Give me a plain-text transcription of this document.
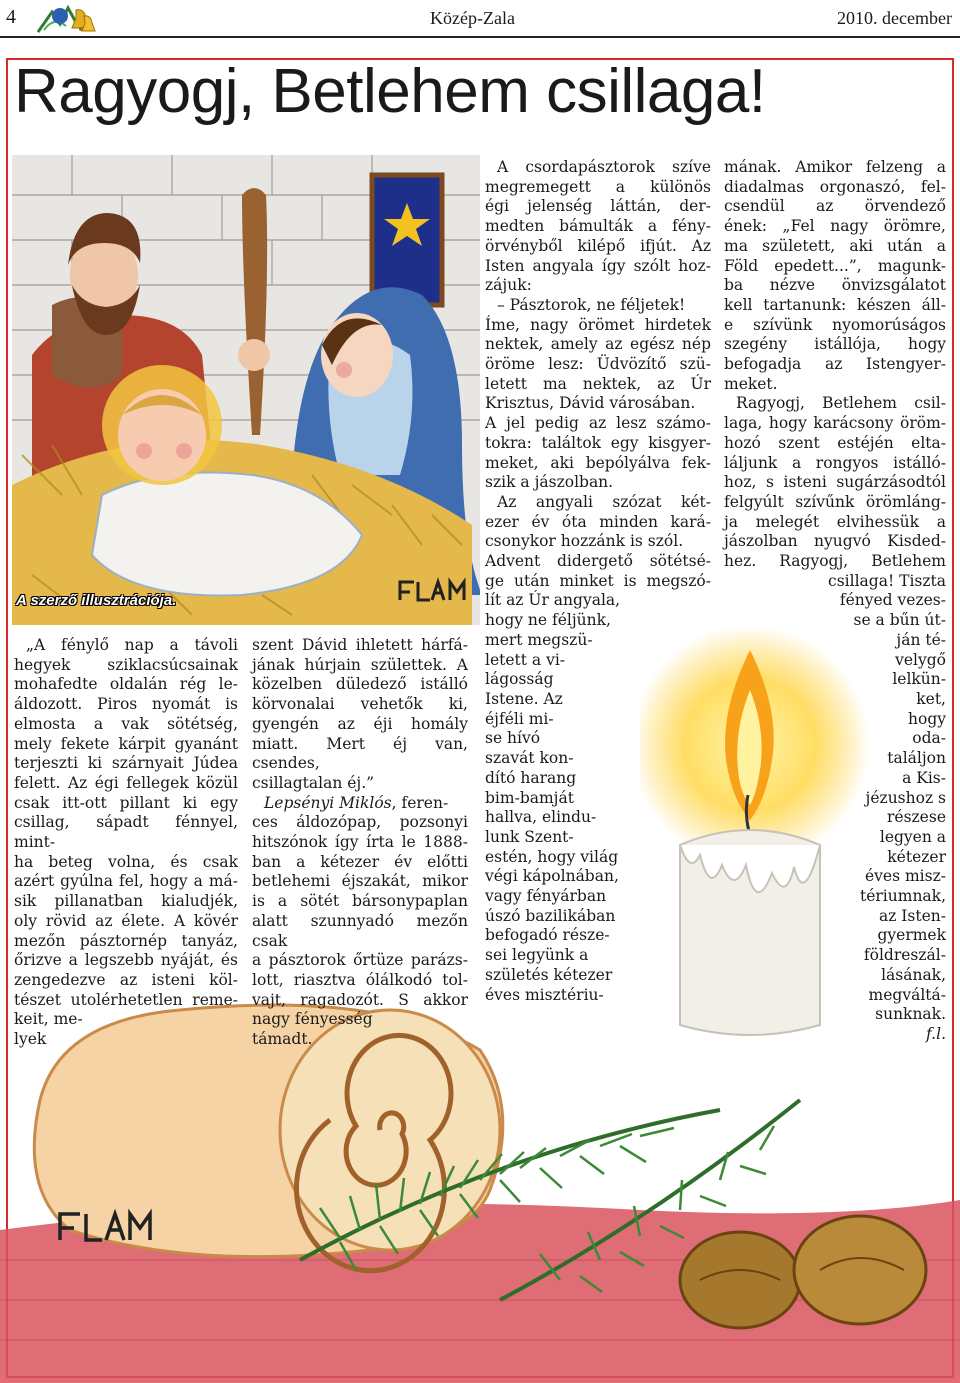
4	Közép-Zala	2010. december
Ragyogj, Betlehem csillaga!
A szerző illusztrációja.
„A fénylő nap a távoli
hegyek sziklacsúcsainak
mohafedte oldalán rég le-
áldozott. Piros nyomát is
elmosta a vak sötétség,
mely fekete kárpit gyanánt
terjeszti ki szárnyait Júdea
felett. Az égi fellegek közül
csak itt-ott pillant ki egy
csillag, sápadt fénnyel, mint-
ha beteg volna, és csak
azért gyúlna fel, hogy a má-
sik pillanatban kialudjék,
oly rövid az élete. A kövér
mezőn pásztornép tanyáz,
őrizve a legszebb nyáját, és
zengedezve az isteni köl-
tészet utolérhetetlen reme-
keit, me-
lyek
szent Dávid ihletett hárfá-
jának húrjain születtek. A
közelben düledező istálló
körvonalai vehetők ki,
gyengén az éji homály
miatt. Mert éj van, csendes,
csillagtalan éj.”

Lepsényi Miklós, feren-

ces áldozópap, pozsonyi
hitszónok így írta le 1888-
ban a kétezer év előtti
betlehemi éjszakát, mikor
is a sötét bársonypaplan
alatt szunnyadó mezőn csak
a pásztorok őrtüze parázs-
lott, riasztva ólálkodó tol-
vajt, ragadozót. S akkor
nagy fényesség
támadt.
A csordapásztorok szíve
megremegett a különös
égi jelenség láttán, der-
medten bámulták a fény-
örvényből kilépő ifjút. Az
Isten angyala így szólt hoz-
zájuk:
– Pásztorok, ne féljetek!
Íme, nagy örömet hirdetek
nektek, amely az egész nép
öröme lesz: Üdvözítő szü-
letett ma nektek, az Úr
Krisztus, Dávid városában.
A jel pedig az lesz számo-
tokra: találtok egy kisgyer-
meket, aki bepólyálva fek-
szik a jászolban.
Az angyali szózat két-
ezer év óta minden kará-
csonykor hozzánk is szól.
Advent didergető sötétsé-
ge után minket is megszó-
lít az Úr angyala,
hogy ne féljünk,
mert megszü-
letett a vi-
lágosság
Istene. Az
éjféli mi-
se hívó
szavát kon-
dító harang
bim-bamját
hallva, elindu-
lunk Szent-
estén, hogy világ
végi kápolnában,
vagy fényárban
úszó bazilikában
befogadó része-
sei legyünk a
születés kétezer
éves misztériu-
mának. Amikor felzeng a
diadalmas orgonaszó, fel-
csendül az örvendező
ének: „Fel nagy örömre,
ma született, aki után a
Föld epedett...”, magunk-
ba nézve önvizsgálatot
kell tartanunk: készen áll-
e szívünk nyomorúságos
szegény istállója, hogy
befogadja az Istengyer-
meket.
Ragyogj, Betlehem csil-
laga, hogy karácsony öröm-
hozó szent estéjén elta-
láljunk a rongyos istálló-
hoz, s isteni sugárzásodtól
felgyúlt szívűnk örömláng-
ja melegét elvihessük a
jászolban nyugvó Kisded-
hez. Ragyogj, Betlehem
csillaga! Tiszta
fényed vezes-
se a bűn út-
ján té-
velygő
lelkün-
ket,
hogy
oda-
találjon
a Kis-
jézushoz s
részese
legyen a
kétezer
éves misz-
tériumnak,
az Isten-
gyermek
földreszál-
lásának,
megváltá-
sunknak.

f.l.
